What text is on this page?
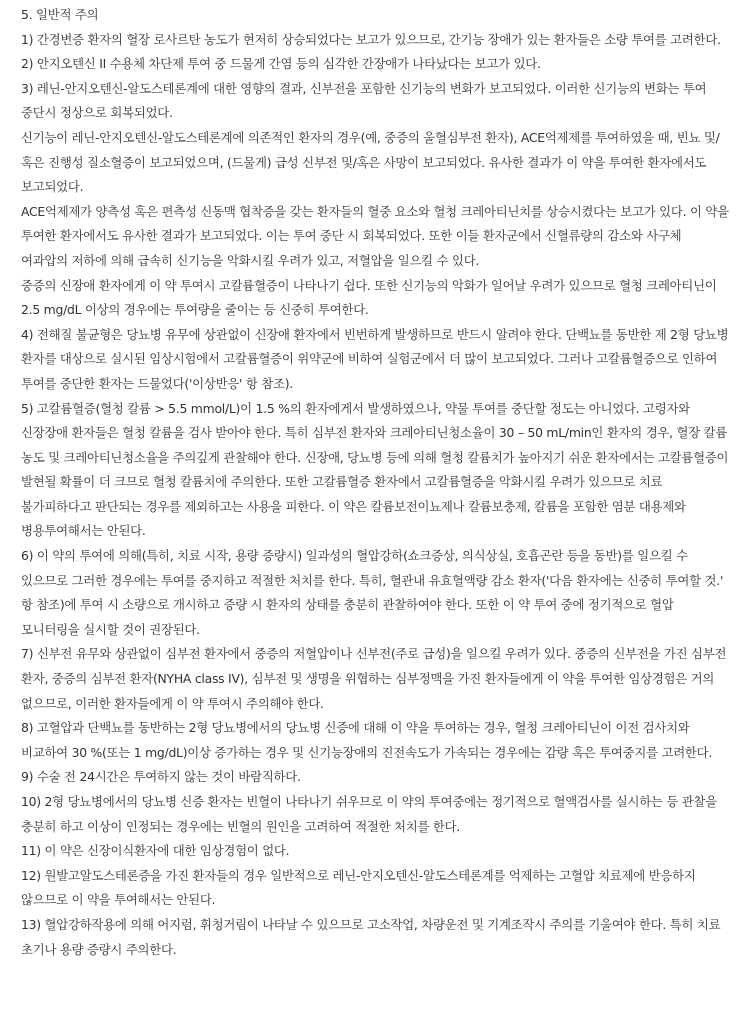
5. 일반적 주의

1) 간경변증 환자의 혈장 로사르탄 농도가 현저히 상승되었다는 보고가 있으므로, 간기능 장애가 있는 환자들은 소량 투여를 고려한다.

2) 안지오텐신 II 수용체 차단제 투여 중 드물게 간염 등의 심각한 간장애가 나타났다는 보고가 있다.

3) 레닌-안지오텐신-알도스테론계에 대한 영향의 결과, 신부전을 포함한 신기능의 변화가 보고되었다. 이러한 신기능의 변화는 투여 중단시 정상으로 회복되었다.

신기능이 레닌-안지오텐신-알도스테론계에 의존적인 환자의 경우(예, 중증의 울혈심부전 환자), ACE억제제를 투여하였을 때, 빈뇨 및/혹은 진행성 질소혈증이 보고되었으며, (드물게) 급성 신부전 및/혹은 사망이 보고되었다. 유사한 결과가 이 약을 투여한 환자에서도 보고되었다.

ACE억제제가 양측성 혹은 편측성 신동맥 협착증을 갖는 환자들의 혈중 요소와 혈청 크레아티닌치를 상승시켰다는 보고가 있다. 이 약을 투여한 환자에서도 유사한 결과가 보고되었다. 이는 투여 중단 시 회복되었다. 또한 이들 환자군에서 신혈류량의 감소와 사구체 여과압의 저하에 의해 급속히 신기능을 악화시킬 우려가 있고, 저혈압을 일으킬 수 있다.

중증의 신장애 환자에게 이 약 투여시 고칼륨혈증이 나타나기 쉽다. 또한 신기능의 악화가 일어날 우려가 있으므로 혈청 크레아티닌이 2.5 mg/dL 이상의 경우에는 투여량을 줄이는 등 신중히 투여한다.

4) 전해질 불균형은 당뇨병 유무에 상관없이 신장애 환자에서 빈번하게 발생하므로 반드시 알려야 한다. 단백뇨를 동반한 제 2형 당뇨병 환자를 대상으로 실시된 임상시험에서 고칼륨혈증이 위약군에 비하여 실험군에서 더 많이 보고되었다. 그러나 고칼륨혈증으로 인하여 투여를 중단한 환자는 드물었다('이상반응' 항 참조).

5) 고칼륨혈증(혈청 칼륨 > 5.5 mmol/L)이 1.5 %의 환자에게서 발생하였으나, 약물 투여를 중단할 정도는 아니었다. 고령자와 신장장애 환자들은 혈청 칼륨을 검사 받아야 한다. 특히 심부전 환자와 크레아티닌청소율이 30 – 50 mL/min인 환자의 경우, 혈장 칼륨 농도 및 크레아티닌청소율을 주의깊게 관찰해야 한다. 신장애, 당뇨병 등에 의해 혈청 칼륨치가 높아지기 쉬운 환자에서는 고칼륨혈증이 발현될 확률이 더 크므로 혈청 칼륨치에 주의한다. 또한 고칼륨혈증 환자에서 고칼륨혈증을 악화시킬 우려가 있으므로 치료 불가피하다고 판단되는 경우를 제외하고는 사용을 피한다. 이 약은 칼륨보전이뇨제나 칼륨보충제, 칼륨을 포함한 염분 대용제와 병용투여해서는 안된다.

6) 이 약의 투여에 의해(특히, 치료 시작, 용량 증량시) 일과성의 혈압강하(쇼크증상, 의식상실, 호흡곤란 등을 동반)를 일으킬 수 있으므로 그러한 경우에는 투여를 중지하고 적절한 처치를 한다. 특히, 혈관내 유효혈액량 감소 환자('다음 환자에는 신중히 투여할 것.' 항 참조)에 투여 시 소량으로 개시하고 증량 시 환자의 상태를 충분히 관찰하여야 한다. 또한 이 약 투여 중에 정기적으로 혈압 모니터링을 실시할 것이 권장된다.

7) 신부전 유무와 상관없이 심부전 환자에서 중증의 저혈압이나 신부전(주로 급성)을 일으킬 우려가 있다. 중증의 신부전을 가진 심부전 환자, 중증의 심부전 환자(NYHA class IV), 심부전 및 생명을 위협하는 심부정맥을 가진 환자들에게 이 약을 투여한 임상경험은 거의 없으므로, 이러한 환자들에게 이 약 투여시 주의해야 한다.

8) 고혈압과 단백뇨를 동반하는 2형 당뇨병에서의 당뇨병 신증에 대해 이 약을 투여하는 경우, 혈청 크레아티닌이 이전 검사치와 비교하여 30 %(또는 1 mg/dL)이상 증가하는 경우 및 신기능장애의 진전속도가 가속되는 경우에는 감량 혹은 투여중지를 고려한다.

9) 수술 전 24시간은 투여하지 않는 것이 바람직하다.

10) 2형 당뇨병에서의 당뇨병 신증 환자는 빈혈이 나타나기 쉬우므로 이 약의 투여중에는 정기적으로 혈액검사를 실시하는 등 관찰을 충분히 하고 이상이 인정되는 경우에는 빈혈의 원인을 고려하여 적절한 처치를 한다.

11) 이 약은 신장이식환자에 대한 임상경험이 없다.

12) 원발고알도스테론증을 가진 환자들의 경우 일반적으로 레닌-안지오텐신-알도스테론계를 억제하는 고혈압 치료제에 반응하지 않으므로 이 약을 투여해서는 안된다.

13) 혈압강하작용에 의해 어지럼, 휘청거림이 나타날 수 있으므로 고소작업, 차량운전 및 기계조작시 주의를 기울여야 한다. 특히 치료 초기나 용량 증량시 주의한다.
